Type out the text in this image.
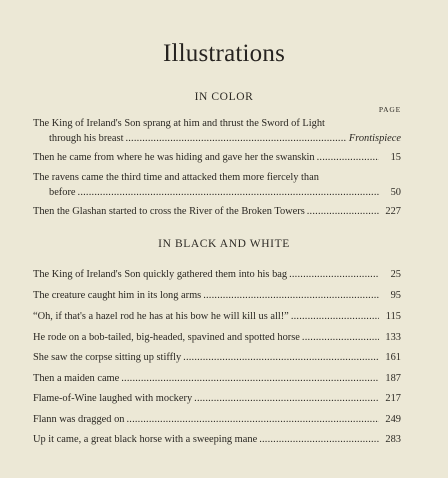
Illustrations
IN COLOR
PAGE
The King of Ireland's Son sprang at him and thrust the Sword of Light
through his breast . . .	Frontispiece
Then he came from where he was hiding and gave her the swanskin . . .	15
The ravens came the third time and attacked them more fiercely than
before . . .	50
Then the Glashan started to cross the River of the Broken Towers . . .	227
IN BLACK AND WHITE
The King of Ireland's Son quickly gathered them into his bag . . .	25
The creature caught him in its long arms . . .	95
“Oh, if that's a hazel rod he has at his bow he will kill us all!” . . .	115
He rode on a bob-tailed, big-headed, spavined and spotted horse . . .	133
She saw the corpse sitting up stiffly . . .	161
Then a maiden came . . .	187
Flame-of-Wine laughed with mockery . . .	217
Flann was dragged on . . .	249
Up it came, a great black horse with a sweeping mane . . .	283
